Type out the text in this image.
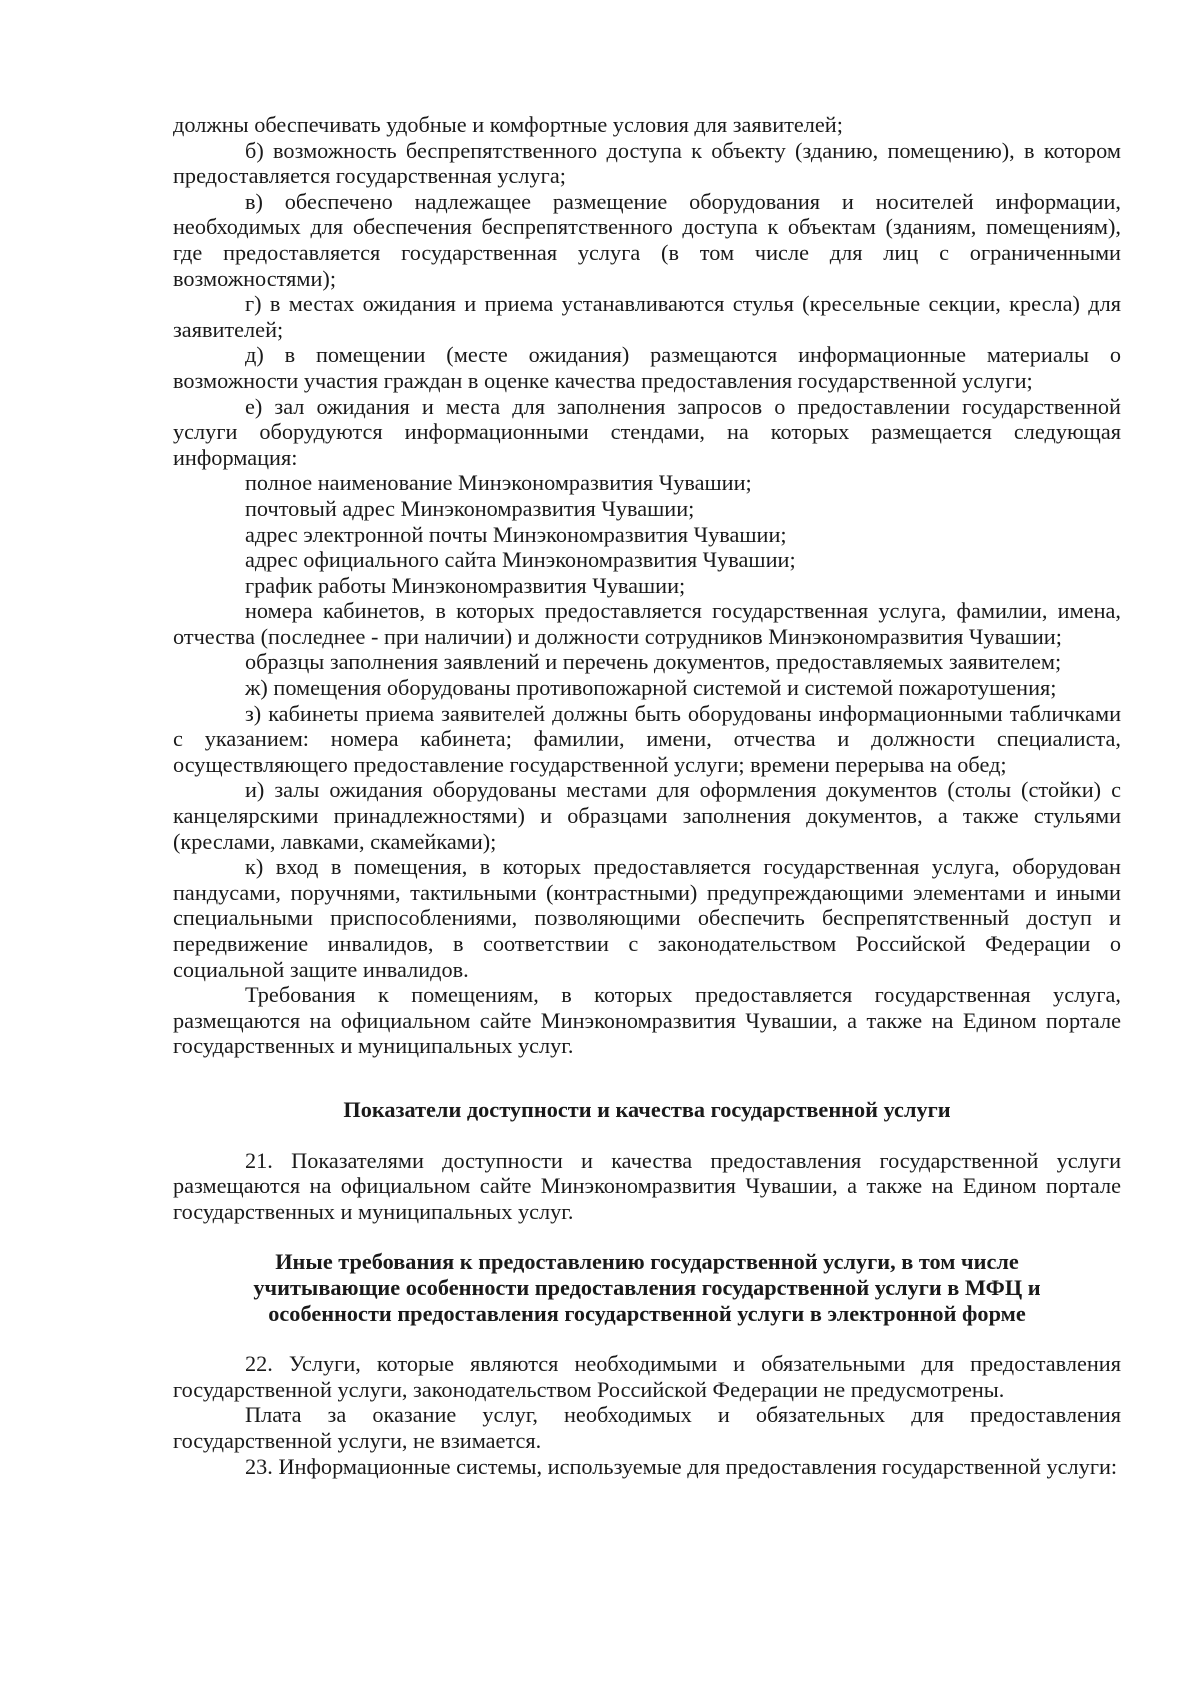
должны обеспечивать удобные и комфортные условия для заявителей;

б) возможность беспрепятственного доступа к объекту (зданию, помещению), в котором предоставляется государственная услуга;

в) обеспечено надлежащее размещение оборудования и носителей информации, необходимых для обеспечения беспрепятственного доступа к объектам (зданиям, помещениям), где предоставляется государственная услуга (в том числе для лиц с ограниченными возможностями);

г) в местах ожидания и приема устанавливаются стулья (кресельные секции, кресла) для заявителей;

д) в помещении (месте ожидания) размещаются информационные материалы о возможности участия граждан в оценке качества предоставления государственной услуги;

е) зал ожидания и места для заполнения запросов о предоставлении государственной услуги оборудуются информационными стендами, на которых размещается следующая информация:

полное наименование Минэкономразвития Чувашии;

почтовый адрес Минэкономразвития Чувашии;

адрес электронной почты Минэкономразвития Чувашии;

адрес официального сайта Минэкономразвития Чувашии;

график работы Минэкономразвития Чувашии;

номера кабинетов, в которых предоставляется государственная услуга, фамилии, имена, отчества (последнее - при наличии) и должности сотрудников Минэкономразвития Чувашии;

образцы заполнения заявлений и перечень документов, предоставляемых заявителем;

ж) помещения оборудованы противопожарной системой и системой пожаротушения;

з) кабинеты приема заявителей должны быть оборудованы информационными табличками с указанием: номера кабинета; фамилии, имени, отчества и должности специалиста, осуществляющего предоставление государственной услуги; времени перерыва на обед;

и) залы ожидания оборудованы местами для оформления документов (столы (стойки) с канцелярскими принадлежностями) и образцами заполнения документов, а также стульями (креслами, лавками, скамейками);

к) вход в помещения, в которых предоставляется государственная услуга, оборудован пандусами, поручнями, тактильными (контрастными) предупреждающими элементами и иными специальными приспособлениями, позволяющими обеспечить беспрепятственный доступ и передвижение инвалидов, в соответствии с законодательством Российской Федерации о социальной защите инвалидов.

Требования к помещениям, в которых предоставляется государственная услуга, размещаются на официальном сайте Минэкономразвития Чувашии, а также на Едином портале государственных и муниципальных услуг.

Показатели доступности и качества государственной услуги

21. Показателями доступности и качества предоставления государственной услуги размещаются на официальном сайте Минэкономразвития Чувашии, а также на Едином портале государственных и муниципальных услуг.

Иные требования к предоставлению государственной услуги, в том числе

учитывающие особенности предоставления государственной услуги в МФЦ и

особенности предоставления государственной услуги в электронной форме

22. Услуги, которые являются необходимыми и обязательными для предоставления государственной услуги, законодательством Российской Федерации не предусмотрены.

Плата за оказание услуг, необходимых и обязательных для предоставления государственной услуги, не взимается.

23. Информационные системы, используемые для предоставления государственной услуги:
